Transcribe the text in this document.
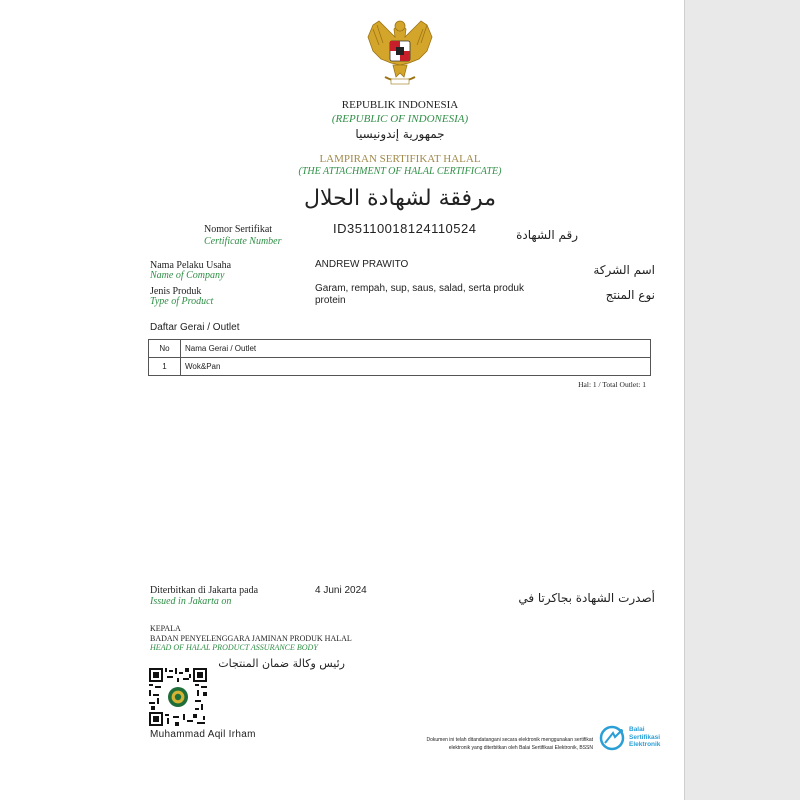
REPUBLIK INDONESIA
(REPUBLIC OF INDONESIA)
جمهورية إندونيسيا
LAMPIRAN SERTIFIKAT HALAL
(THE ATTACHMENT OF HALAL CERTIFICATE)
مرفقة لشهادة الحلال
Nomor Sertifikat
Certificate Number
ID35110018124110524	رقم الشهادة
Nama Pelaku Usaha
Name of Company
ANDREW PRAWITO	اسم الشركة
Jenis Produk
Type of Product
Garam, rempah, sup, saus, salad, serta produk protein	نوع المنتج
Daftar Gerai / Outlet
No	Nama Gerai / Outlet
1	Wok&Pan
Hal: 1 / Total Outlet: 1
Diterbitkan di Jakarta pada
Issued in Jakarta on
4 Juni 2024
أصدرت الشهادة بجاكرتا في
KEPALA
BADAN PENYELENGGARA JAMINAN PRODUK HALAL
HEAD OF HALAL PRODUCT ASSURANCE BODY
رئيس وكالة ضمان المنتجات
Muhammad Aqil Irham	Dokumen ini telah ditandatangani secara elektronik menggunakan sertifikat
elektronik yang diterbitkan oleh Balai Sertifikasi Elektronik, BSSN
Balai
Sertifikasi
Elektronik
